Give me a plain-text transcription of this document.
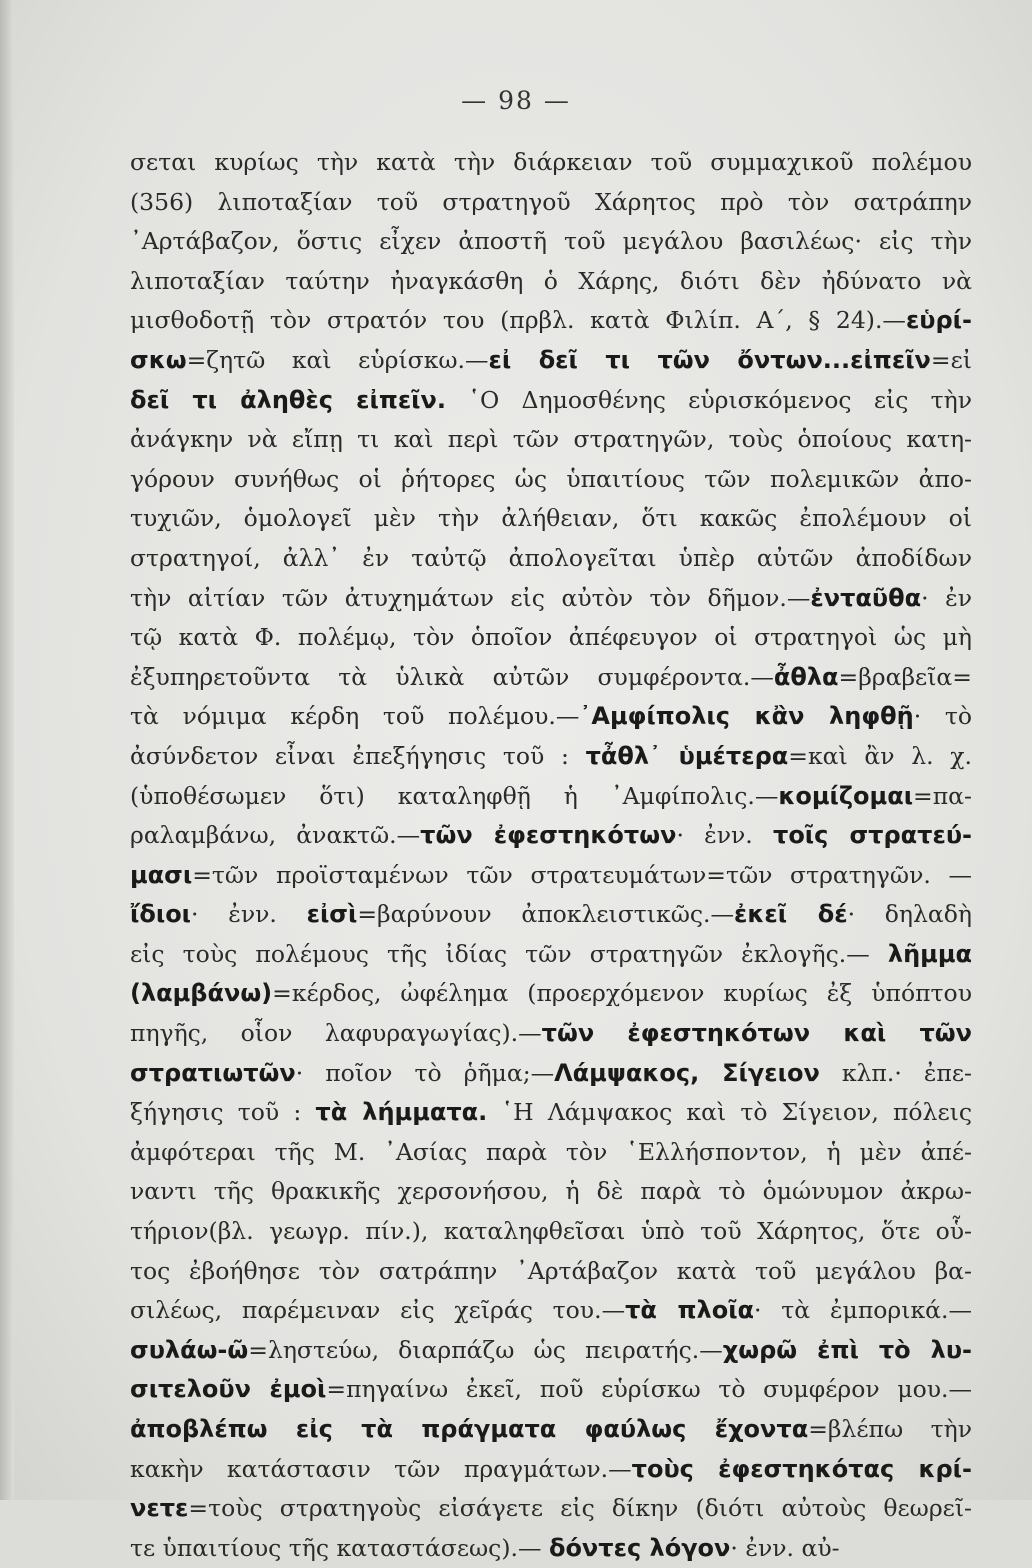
— 98 —
σεται κυρίως τὴν κατὰ τὴν διάρκειαν τοῦ συμμαχικοῦ πολέμου
(356) λιποταξίαν τοῦ στρατηγοῦ Χάρητος πρὸ τὸν σατράπην
᾿Αρτάβαζον, ὅστις εἶχεν ἀποστῆ τοῦ μεγάλου βασιλέως· εἰς τὴν
λιποταξίαν ταύτην ἠναγκάσθη ὁ Χάρης, διότι δὲν ἠδύνατο νὰ
μισθοδοτῇ τὸν στρατόν του (πρβλ. κατὰ Φιλίπ. Α΄, § 24).—εὑρί-
σκω=ζητῶ καὶ εὑρίσκω.—εἰ δεῖ τι τῶν ὄντων...εἰπεῖν=εἰ
δεῖ τι ἀληθὲς εἰπεῖν. ῾Ο Δημοσθένης εὑρισκόμενος εἰς τὴν
ἀνάγκην νὰ εἴπῃ τι καὶ περὶ τῶν στρατηγῶν, τοὺς ὁποίους κατη-
γόρουν συνήθως οἱ ῥήτορες ὡς ὑπαιτίους τῶν πολεμικῶν ἀπο-
τυχιῶν, ὁμολογεῖ μὲν τὴν ἀλήθειαν, ὅτι κακῶς ἐπολέμουν οἱ
στρατηγοί, ἀλλ᾿ ἐν ταὐτῷ ἀπολογεῖται ὑπὲρ αὐτῶν ἀποδίδων
τὴν αἰτίαν τῶν ἀτυχημάτων εἰς αὐτὸν τὸν δῆμον.—ἐνταῦθα· ἐν
τῷ κατὰ Φ. πολέμῳ, τὸν ὁποῖον ἀπέφευγον οἱ στρατηγοὶ ὡς μὴ
ἐξυπηρετοῦντα τὰ ὑλικὰ αὐτῶν συμφέροντα.—ἆθλα=βραβεῖα=
τὰ νόμιμα κέρδη τοῦ πολέμου.—᾿Αμφίπολις κἂν ληφθῇ· τὸ
ἀσύνδετον εἶναι ἐπεξήγησις τοῦ : τἆθλ᾿ ὑμέτερα=καὶ ἂν λ. χ.
(ὑποθέσωμεν ὅτι) καταληφθῇ ἡ ᾿Αμφίπολις.—κομίζομαι=πα-
ραλαμβάνω, ἀνακτῶ.—τῶν ἐφεστηκότων· ἐνν. τοῖς στρατεύ-
μασι=τῶν προϊσταμένων τῶν στρατευμάτων=τῶν στρατηγῶν. —
ἴδιοι· ἐνν. εἰσὶ=βαρύνουν ἀποκλειστικῶς.—ἐκεῖ δέ· δηλαδὴ
εἰς τοὺς πολέμους τῆς ἰδίας τῶν στρατηγῶν ἐκλογῆς.— λῆμμα
(λαμβάνω)=κέρδος, ὠφέλημα (προερχόμενον κυρίως ἐξ ὑπόπτου
πηγῆς, οἷον λαφυραγωγίας).—τῶν ἐφεστηκότων καὶ τῶν
στρατιωτῶν· ποῖον τὸ ῥῆμα;—Λάμψακος, Σίγειον κλπ.· ἐπε-
ξήγησις τοῦ : τὰ λήμματα. ῾Η Λάμψακος καὶ τὸ Σίγειον, πόλεις
ἀμφότεραι τῆς Μ. ᾿Ασίας παρὰ τὸν ῾Ελλήσποντον, ἡ μὲν ἀπέ-
ναντι τῆς θρακικῆς χερσονήσου, ἡ δὲ παρὰ τὸ ὁμώνυμον ἀκρω-
τήριον(βλ. γεωγρ. πίν.), καταληφθεῖσαι ὑπὸ τοῦ Χάρητος, ὅτε οὗ-
τος ἐβοήθησε τὸν σατράπην ᾿Αρτάβαζον κατὰ τοῦ μεγάλου βα-
σιλέως, παρέμειναν εἰς χεῖράς του.—τὰ πλοῖα· τὰ ἐμπορικά.—
συλάω-ῶ=ληστεύω, διαρπάζω ὡς πειρατής.—χωρῶ ἐπὶ τὸ λυ-
σιτελοῦν ἐμοὶ=πηγαίνω ἐκεῖ, ποῦ εὑρίσκω τὸ συμφέρον μου.—
ἀποβλέπω εἰς τὰ πράγματα φαύλως ἔχοντα=βλέπω τὴν
κακὴν κατάστασιν τῶν πραγμάτων.—τοὺς ἐφεστηκότας κρί-
νετε=τοὺς στρατηγοὺς εἰσάγετε εἰς δίκην (διότι αὐτοὺς θεωρεῖ-
τε ὑπαιτίους τῆς καταστάσεως).— δόντες λόγον· ἐνν. αὐ-
